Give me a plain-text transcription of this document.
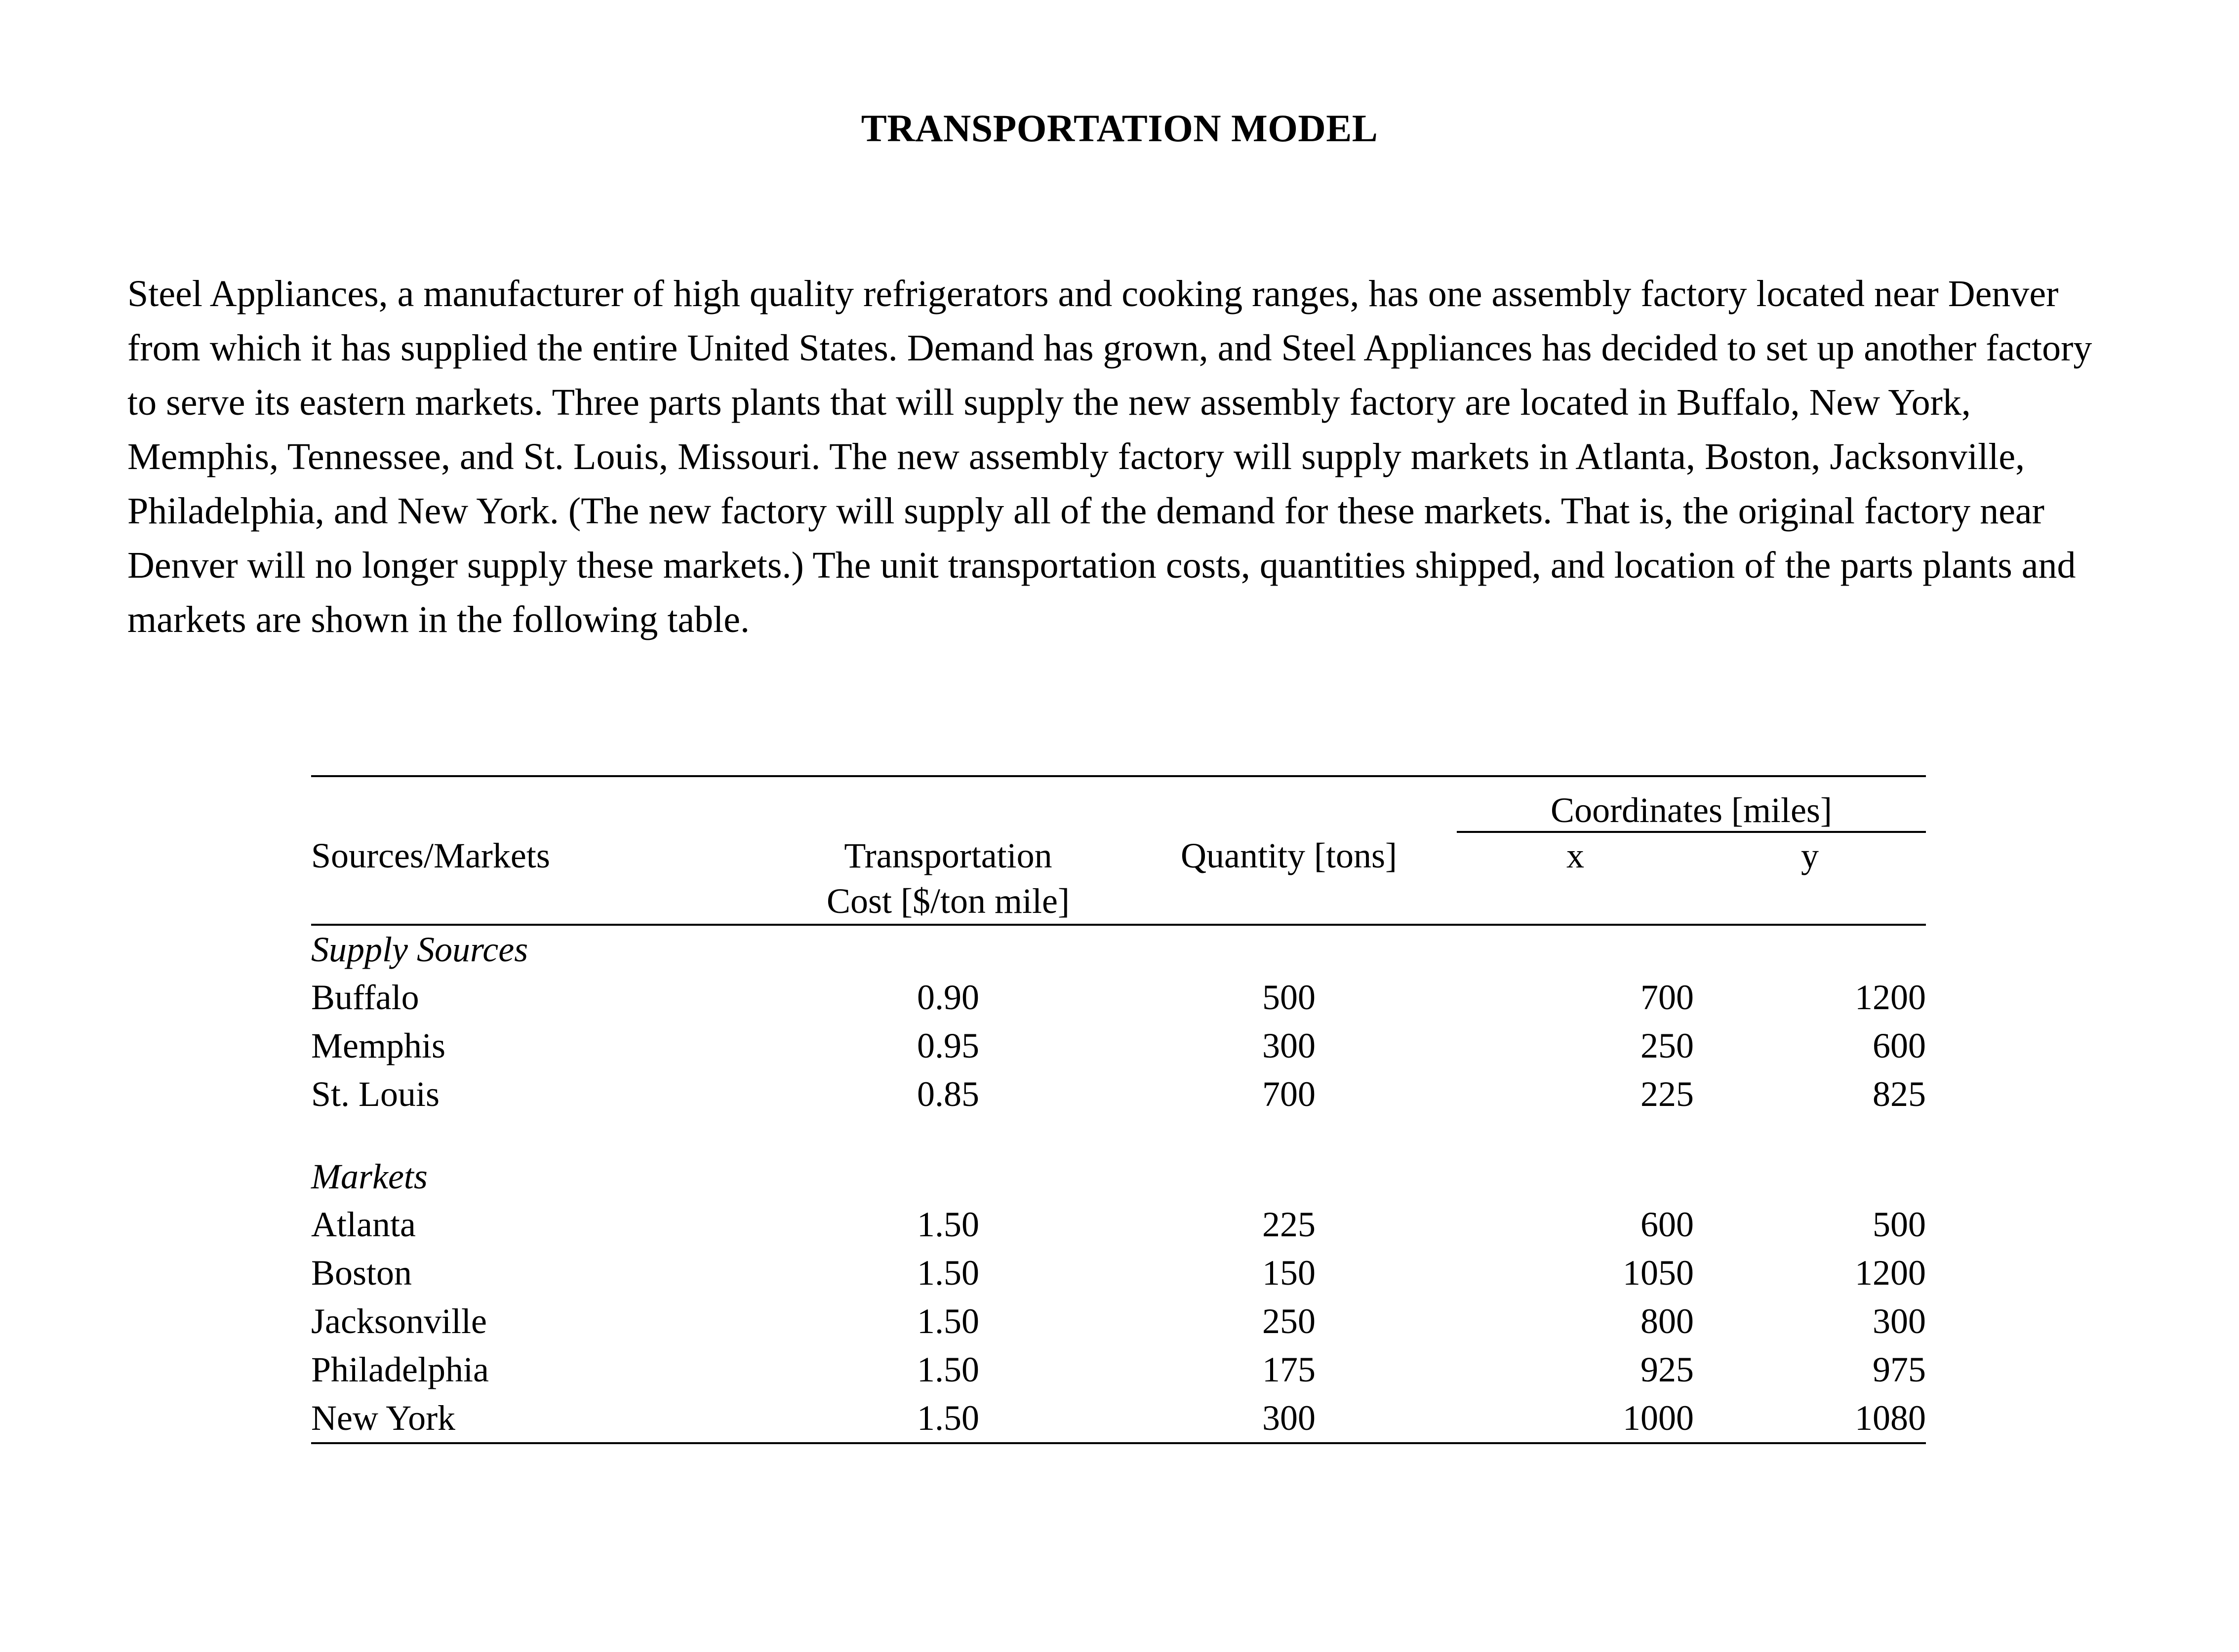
TRANSPORTATION MODEL
Steel Appliances, a manufacturer of high quality refrigerators and cooking ranges, has one assembly factory located near Denver from which it has supplied the entire United States. Demand has grown, and Steel Appliances has decided to set up another factory to serve its eastern markets. Three parts plants that will supply the new assembly factory are located in Buffalo, New York, Memphis, Tennessee, and St. Louis, Missouri. The new assembly factory will supply markets in Atlanta, Boston, Jacksonville, Philadelphia, and New York. (The new factory will supply all of the demand for these markets. That is, the original factory near Denver will no longer supply these markets.) The unit transportation costs, quantities shipped, and location of the parts plants and markets are shown in the following table.

			Coordinates [miles]	
Sources/Markets	Transportation	Quantity [tons]	x	y
	Cost [$/ton mile]			

Supply Sources				
Buffalo	0.90	500	700	1200
Memphis	0.95	300	250	600
St. Louis	0.85	700	225	825

Markets				
Atlanta	1.50	225	600	500
Boston	1.50	150	1050	1200
Jacksonville	1.50	250	800	300
Philadelphia	1.50	175	925	975
New York	1.50	300	1000	1080
